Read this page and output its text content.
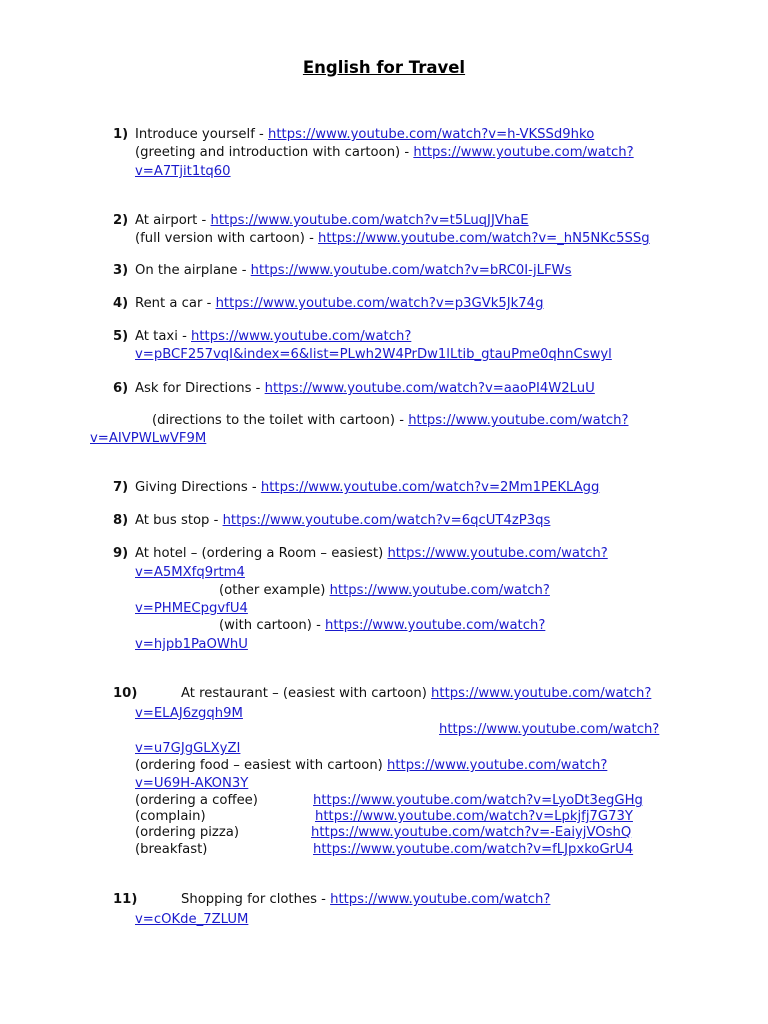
English for Travel
1) Introduce yourself - https://www.youtube.com/watch?v=h-VKSSd9hko
(greeting and introduction with cartoon) - https://www.youtube.com/watch?
v=A7Tjit1tq60
2) At airport - https://www.youtube.com/watch?v=t5LuqJJVhaE
(full version with cartoon) - https://www.youtube.com/watch?v=_hN5NKc5SSg
3) On the airplane - https://www.youtube.com/watch?v=bRC0I-jLFWs
4) Rent a car - https://www.youtube.com/watch?v=p3GVk5Jk74g
5) At taxi - https://www.youtube.com/watch?
v=pBCF257vqI&index=6&list=PLwh2W4PrDw1lLtib_gtauPme0qhnCswyl
6) Ask for Directions - https://www.youtube.com/watch?v=aaoPI4W2LuU
(directions to the toilet with cartoon) - https://www.youtube.com/watch?
v=AIVPWLwVF9M
7) Giving Directions - https://www.youtube.com/watch?v=2Mm1PEKLAgg
8) At bus stop - https://www.youtube.com/watch?v=6qcUT4zP3qs
9) At hotel – (ordering a Room – easiest) https://www.youtube.com/watch?
v=A5MXfq9rtm4
(other example) https://www.youtube.com/watch?
v=PHMECpgvfU4
(with cartoon) - https://www.youtube.com/watch?
v=hjpb1PaOWhU
10)	At restaurant – (easiest with cartoon) https://www.youtube.com/watch?
v=ELAJ6zgqh9M
https://www.youtube.com/watch?
v=u7GJgGLXyZI
(ordering food – easiest with cartoon) https://www.youtube.com/watch?
v=U69H-AKON3Y
(ordering a coffee)	https://www.youtube.com/watch?v=LyoDt3egGHg
(complain)	https://www.youtube.com/watch?v=Lpkjfj7G73Y
(ordering pizza)	https://www.youtube.com/watch?v=-EaiyjVOshQ
(breakfast)	https://www.youtube.com/watch?v=fLJpxkoGrU4
11)	Shopping for clothes - https://www.youtube.com/watch?
v=cOKde_7ZLUM
